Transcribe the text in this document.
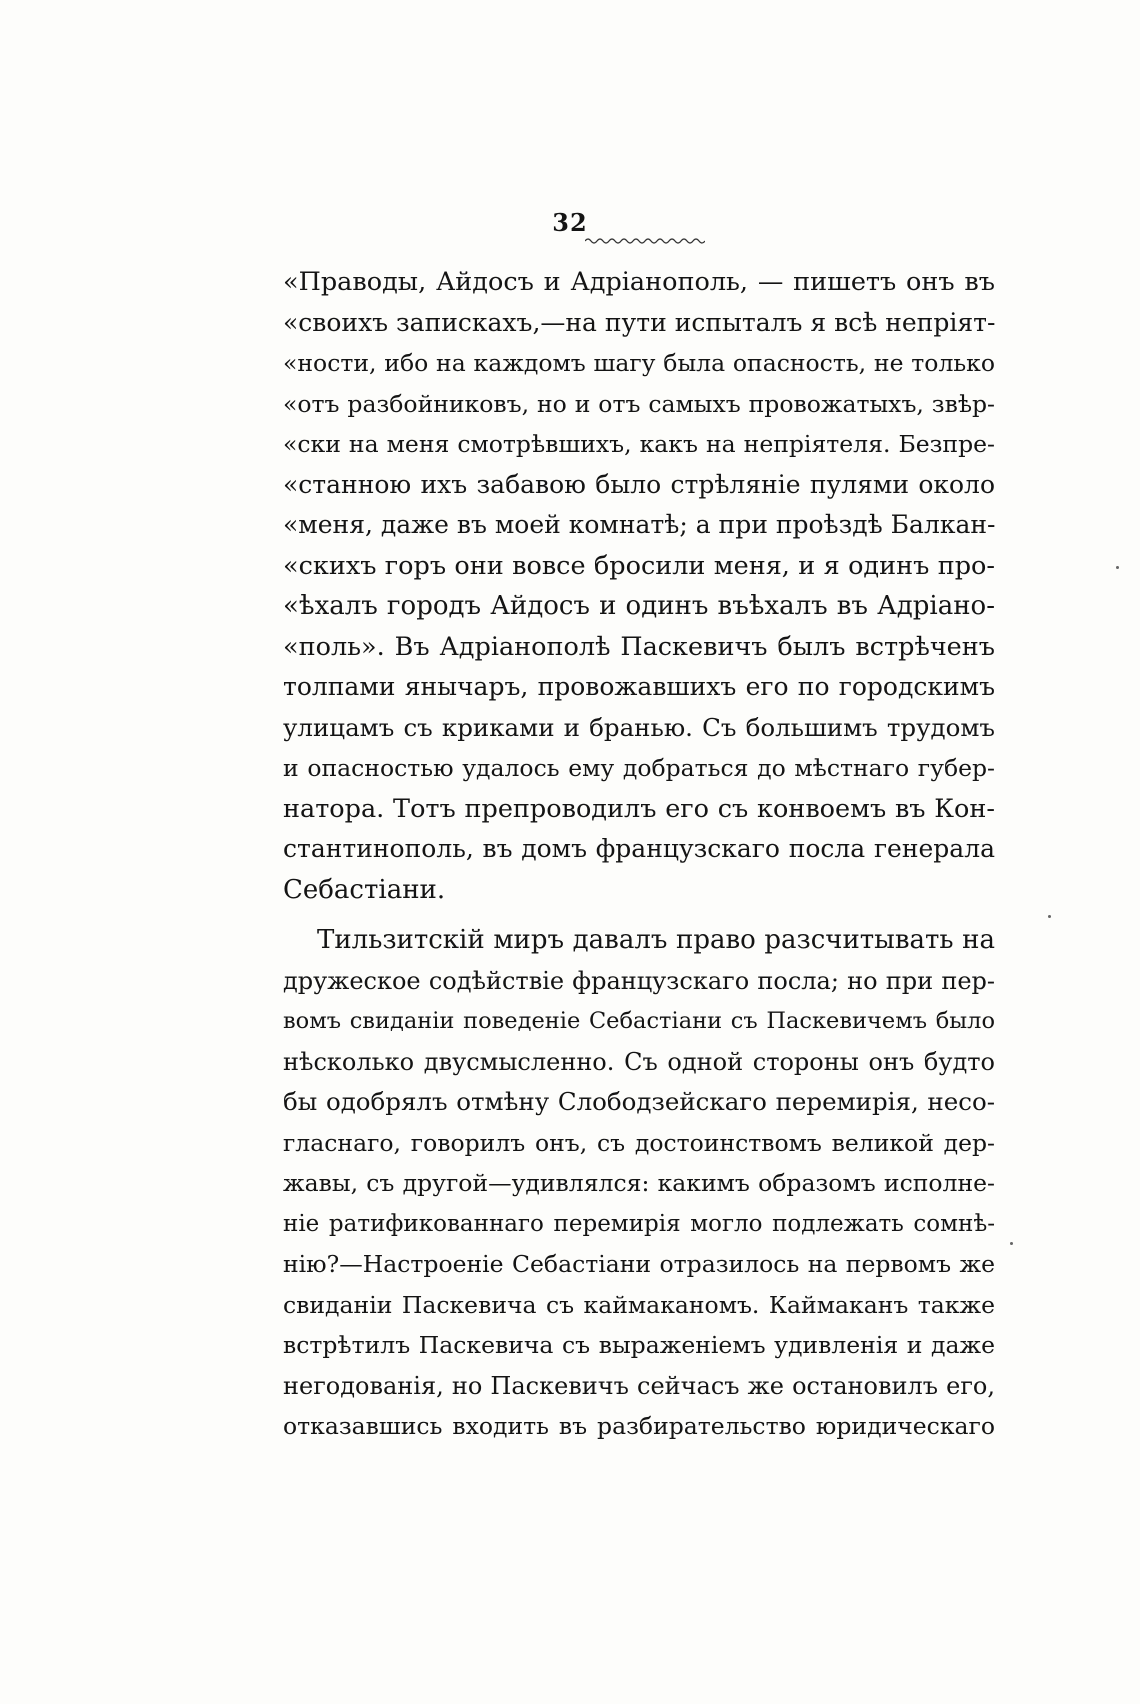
32
«Праводы, Айдосъ и Адріанополь, — пишетъ онъ въ
«своихъ запискахъ,—на пути испыталъ я всѣ непріят-
«ности, ибо на каждомъ шагу была опасность, не только
«отъ разбойниковъ, но и отъ самыхъ провожатыхъ, звѣр-
«ски на меня смотрѣвшихъ, какъ на непріятеля. Безпре-
«станною ихъ забавою было стрѣляніе пулями около
«меня, даже въ моей комнатѣ; а при проѣздѣ Балкан-
«скихъ горъ они вовсе бросили меня, и я одинъ про-
«ѣхалъ городъ Айдосъ и одинъ въѣхалъ въ Адріано-
«поль». Въ Адріанополѣ Паскевичъ былъ встрѣченъ
толпами янычаръ, провожавшихъ его по городскимъ
улицамъ съ криками и бранью. Съ большимъ трудомъ
и опасностью удалось ему добраться до мѣстнаго губер-
натора. Тотъ препроводилъ его съ конвоемъ въ Кон-
стантинополь, въ домъ французскаго посла генерала
Себастіани.
Тильзитскій миръ давалъ право разсчитывать на
дружеское содѣйствіе французскаго посла; но при пер-
вомъ свиданіи поведеніе Себастіани съ Паскевичемъ было
нѣсколько двусмысленно. Съ одной стороны онъ будто
бы одобрялъ отмѣну Слободзейскаго перемирія, несо-
гласнаго, говорилъ онъ, съ достоинствомъ великой дер-
жавы, съ другой—удивлялся: какимъ образомъ исполне-
ніе ратификованнаго перемирія могло подлежать сомнѣ-
нію?—Настроеніе Себастіани отразилось на первомъ же
свиданіи Паскевича съ каймаканомъ. Каймаканъ также
встрѣтилъ Паскевича съ выраженіемъ удивленія и даже
негодованія, но Паскевичъ сейчасъ же остановилъ его,
отказавшись входить въ разбирательство юридическаго
